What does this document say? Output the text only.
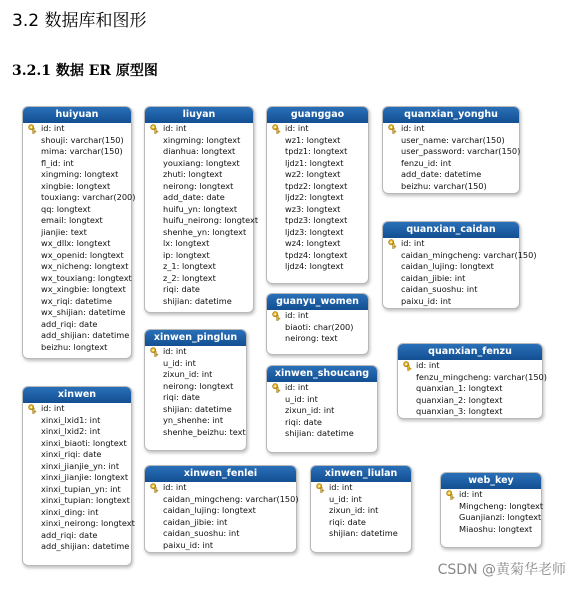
3.2 数据库和图形
3.2.1 数据 ER 原型图
huiyuan
id: int
shouji: varchar(150)
mima: varchar(150)
fl_id: int
xingming: longtext
xingbie: longtext
touxiang: varchar(200)
qq: longtext
email: longtext
jianjie: text
wx_dllx: longtext
wx_openid: longtext
wx_nicheng: longtext
wx_touxiang: longtext
wx_xingbie: longtext
wx_riqi: datetime
wx_shijian: datetime
add_riqi: date
add_shijian: datetime
beizhu: longtext
liuyan
id: int
xingming: longtext
dianhua: longtext
youxiang: longtext
zhuti: longtext
neirong: longtext
add_date: date
huifu_yn: longtext
huifu_neirong: longtext
shenhe_yn: longtext
lx: longtext
ip: longtext
z_1: longtext
z_2: longtext
riqi: date
shijian: datetime
guanggao
id: int
wz1: longtext
tpdz1: longtext
ljdz1: longtext
wz2: longtext
tpdz2: longtext
ljdz2: longtext
wz3: longtext
tpdz3: longtext
ljdz3: longtext
wz4: longtext
tpdz4: longtext
ljdz4: longtext
quanxian_yonghu
id: int
user_name: varchar(150)
user_password: varchar(150)
fenzu_id: int
add_date: datetime
beizhu: varchar(150)
quanxian_caidan
id: int
caidan_mingcheng: varchar(150)
caidan_lujing: longtext
caidan_jibie: int
caidan_suoshu: int
paixu_id: int
guanyu_women
id: int
biaoti: char(200)
neirong: text
xinwen_pinglun
id: int
u_id: int
zixun_id: int
neirong: longtext
riqi: date
shijian: datetime
yn_shenhe: int
shenhe_beizhu: text
xinwen_shoucang
id: int
u_id: int
zixun_id: int
riqi: date
shijian: datetime
quanxian_fenzu
id: int
fenzu_mingcheng: varchar(150)
quanxian_1: longtext
quanxian_2: longtext
quanxian_3: longtext
xinwen
id: int
xinxi_lxid1: int
xinxi_lxid2: int
xinxi_biaoti: longtext
xinxi_riqi: date
xinxi_jianjie_yn: int
xinxi_jianjie: longtext
xinxi_tupian_yn: int
xinxi_tupian: longtext
xinxi_ding: int
xinxi_neirong: longtext
add_riqi: date
add_shijian: datetime
xinwen_fenlei
id: int
caidan_mingcheng: varchar(150)
caidan_lujing: longtext
caidan_jibie: int
caidan_suoshu: int
paixu_id: int
xinwen_liulan
id: int
u_id: int
zixun_id: int
riqi: date
shijian: datetime
web_key
id: int
Mingcheng: longtext
Guanjianzi: longtext
Miaoshu: longtext
CSDN @黄菊华老师
